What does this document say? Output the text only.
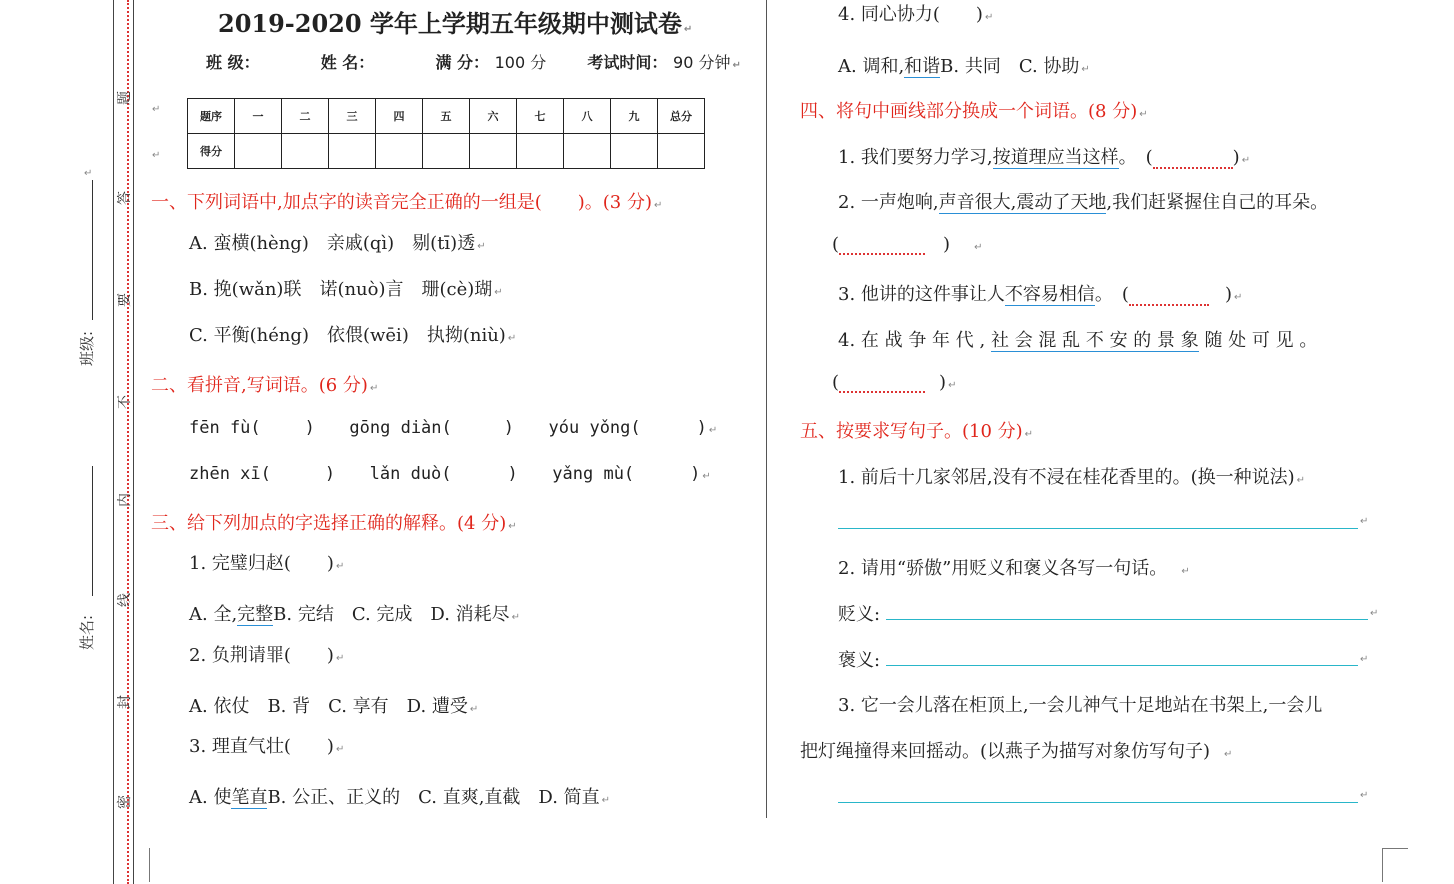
题
答
要
不
内
线
封
密
班级:
姓名:
↵
2019-2020 学年上学期五年级期中测试卷 ↵
班 级：	姓 名：	满 分： 100 分	考试时间： 90 分钟 ↵
↵
↵
题序	一	二	三	四	五	六	七	八	九	总分
得分										
一、下列词语中,加点字的读音完全正确的一组是(　　)。(3 分) ↵
A. 蛮横(hèng)　亲戚(qì)　剔(tī)透 ↵
B. 挽(wǎn)联　诺(nuò)言　珊(cè)瑚 ↵
C. 平衡(héng)　依偎(wēi)　执拗(niù) ↵
二、看拼音,写词语。(6 分) ↵
fēn fù(	) gōng diàn(	) yóu yǒng(	) ↵
zhēn xī(	) lǎn duò(	) yǎng mù(	) ↵
三、给下列加点的字选择正确的解释。(4 分) ↵
1. 完璧归赵(　　) ↵
A. 全,完整B. 完结　C. 完成　D. 消耗尽 ↵
2. 负荆请罪(　　) ↵
A. 依仗　B. 背　C. 享有　D. 遭受 ↵
3. 理直气壮(　　) ↵
A. 使笔直B. 公正、正义的　C. 直爽,直截　D. 简直 ↵
4. 同心协力(　　) ↵
A. 调和,和谐B. 共同　C. 协助 ↵
四、将句中画线部分换成一个词语。(8 分) ↵
1. 我们要努力学习,按道理应当这样。　(	) ↵
2. 一声炮响,声音很大,震动了天地,我们赶紧握住自己的耳朵。
(	) ↵
3. 他讲的这件事让人不容易相信。　(	) ↵
4. 在 战 争 年 代 , 社 会 混 乱 不 安 的 景 象 随 处 可 见 。
(	) ↵
五、按要求写句子。(10 分) ↵
1. 前后十几家邻居,没有不浸在桂花香里的。(换一种说法) ↵
↵
2. 请用“骄傲”用贬义和褒义各写一句话。 ↵
贬义:	↵
褒义:	↵
3. 它一会儿落在柜顶上,一会儿神气十足地站在书架上,一会儿
把灯绳撞得来回摇动。(以燕子为描写对象仿写句子) ↵
↵
